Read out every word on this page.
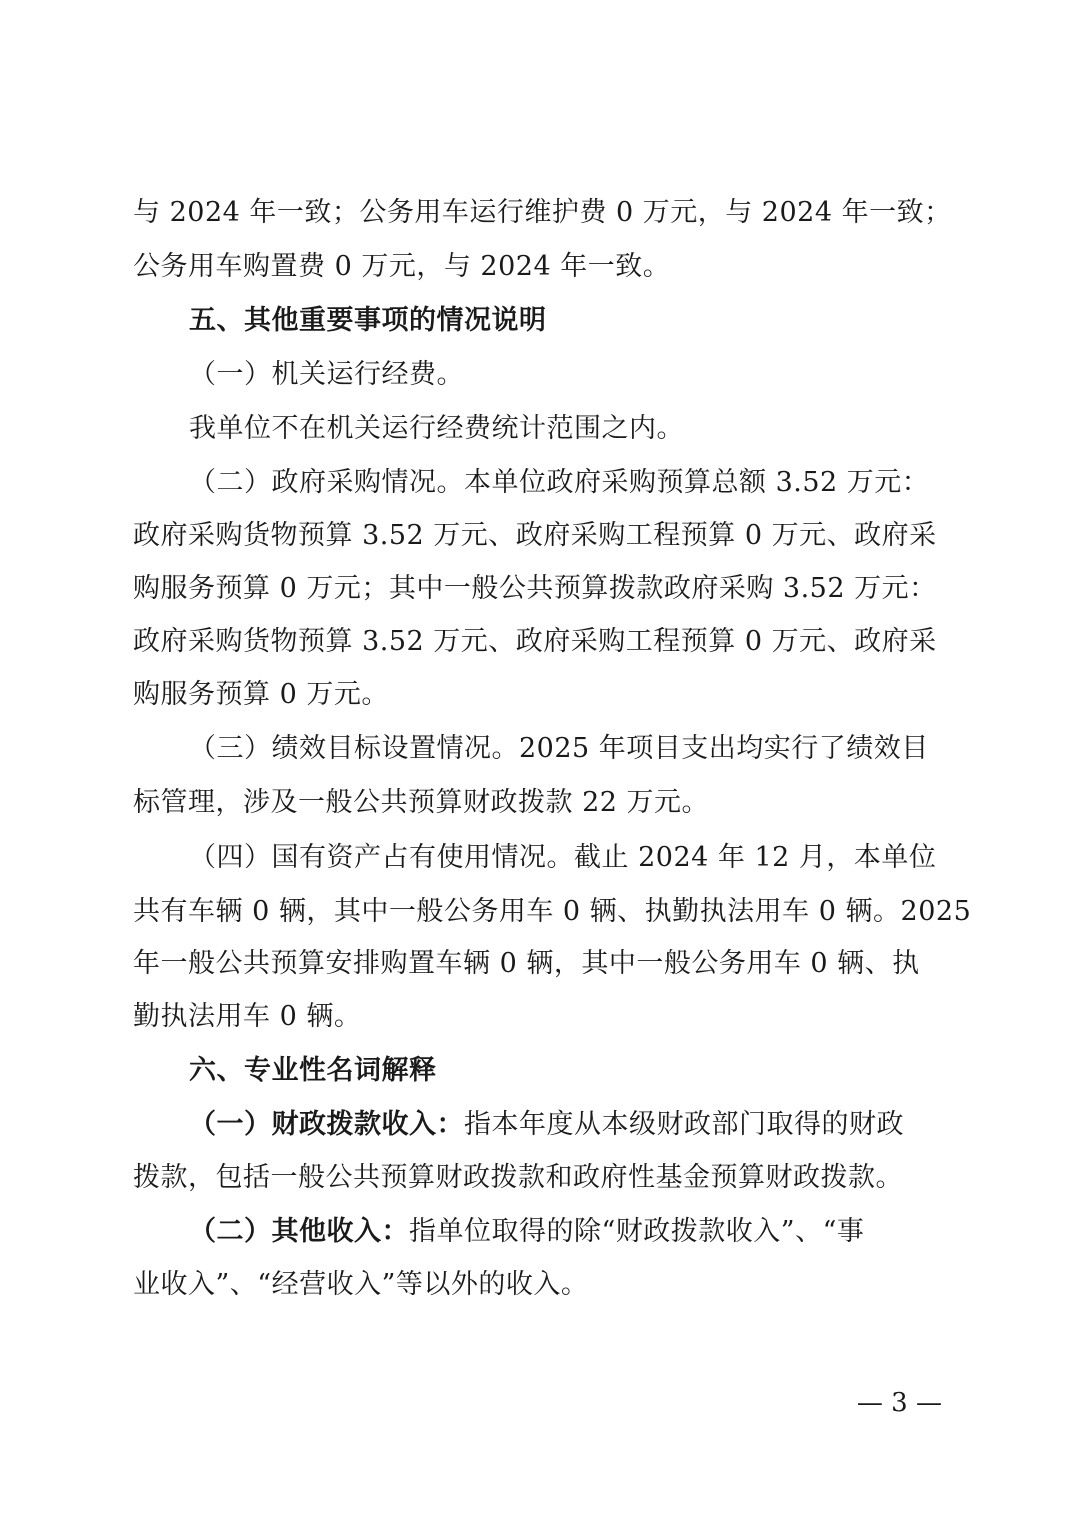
与 2024 年一致；公务用车运行维护费 0 万元，与 2024 年一致；
公务用车购置费 0 万元，与 2024 年一致。
五、其他重要事项的情况说明
（一）机关运行经费。
我单位不在机关运行经费统计范围之内。
（二）政府采购情况。本单位政府采购预算总额 3.52 万元：
政府采购货物预算 3.52 万元、政府采购工程预算 0 万元、政府采
购服务预算 0 万元；其中一般公共预算拨款政府采购 3.52 万元：
政府采购货物预算 3.52 万元、政府采购工程预算 0 万元、政府采
购服务预算 0 万元。
（三）绩效目标设置情况。2025 年项目支出均实行了绩效目
标管理，涉及一般公共预算财政拨款 22 万元。
（四）国有资产占有使用情况。截止 2024 年 12 月，本单位
共有车辆 0 辆，其中一般公务用车 0 辆、执勤执法用车 0 辆。2025
年一般公共预算安排购置车辆 0 辆，其中一般公务用车 0 辆、执
勤执法用车 0 辆。
六、专业性名词解释
（一）财政拨款收入：指本年度从本级财政部门取得的财政
拨款，包括一般公共预算财政拨款和政府性基金预算财政拨款。
（二）其他收入：指单位取得的除“财政拨款收入”、“事
业收入”、“经营收入”等以外的收入。
— 3 —
